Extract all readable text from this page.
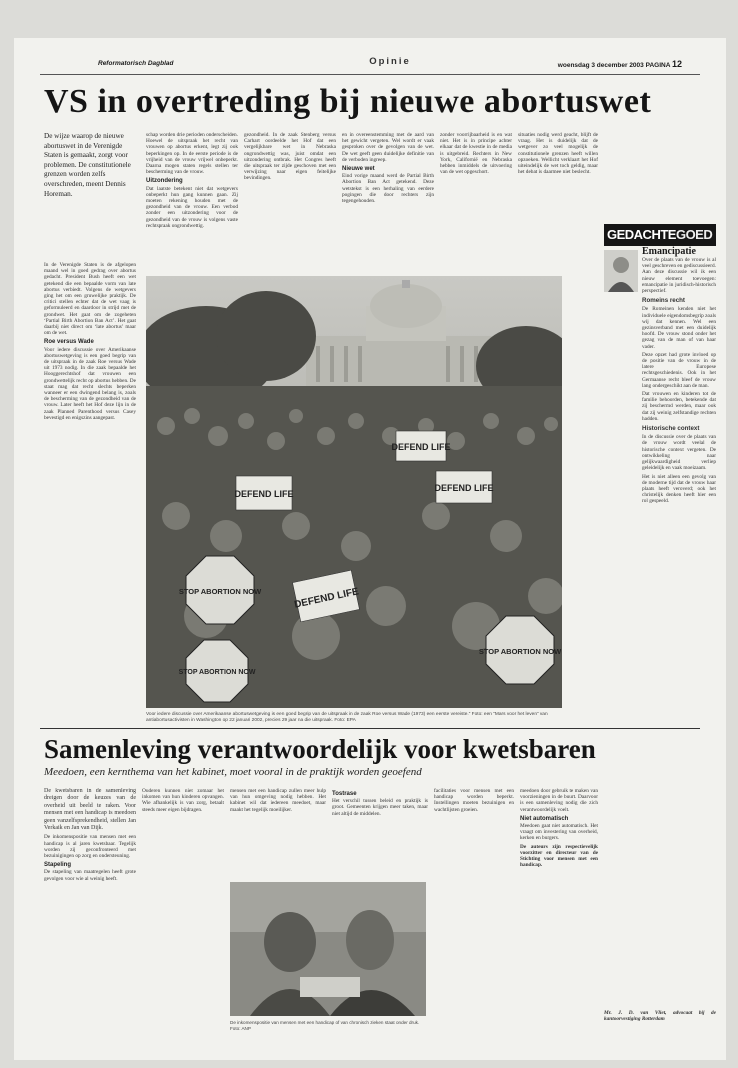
Reformatorisch Dagblad	Opinie	woensdag 3 december 2003 PAGINA 12
VS in overtreding bij nieuwe abortuswet
De wijze waarop de nieuwe abortuswet in de Verenigde Staten is gemaakt, zorgt voor problemen. De constitutionele grenzen worden zelfs overschreden, meent Dennis Horeman.

In de Verenigde Staten is de afgelopen maand wel in goed gedrag over abortus gedacht. President Bush heeft een wet getekend die een bepaalde vorm van late abortus verbiedt. Volgens de wetgevers ging het om een gruwelijke praktijk. De critici stellen echter dat de wet vaag is geformuleerd en daardoor in strijd met de grondwet. Het gaat om de zogeheten ‘Partial Birth Abortion Ban Act’. Het gaat daarbij niet direct om ‘late abortus’ maar om de wet.

Roe versus Wade

Voor iedere discussie over Amerikaanse abortuswetgeving is een goed begrip van de uitspraak in de zaak Roe versus Wade uit 1973 nodig. In die zaak bepaalde het Hooggerechtshof dat vrouwen een grondwettelijk recht op abortus hebben. De staat mag dat recht slechts beperken wanneer er een dwingend belang is, zoals de bescherming van de gezondheid van de vrouw. Later heeft het Hof deze lijn in de zaak Planned Parenthood versus Casey bevestigd en enigszins aangepast.

schap worden drie perioden onderscheiden. Hoewel de uitspraak het recht van vrouwen op abortus erkent, legt zij ook beperkingen op. In de eerste periode is de vrijheid van de vrouw vrijwel onbeperkt. Daarna mogen staten regels stellen ter bescherming van de vrouw.

Uitzondering

Dat laatste betekent niet dat wetgevers onbeperkt hun gang kunnen gaan. Zij moeten rekening houden met de gezondheid van de vrouw. Een verbod zonder een uitzondering voor de gezondheid van de vrouw is volgens vaste rechtspraak ongrondwettig.

gezondheid. In de zaak Stenberg versus Carhart oordeelde het Hof dat een vergelijkbare wet in Nebraska ongrondwettig was, juist omdat een uitzondering ontbrak. Het Congres heeft die uitspraak ter zijde geschoven met een verwijzing naar eigen feitelijke bevindingen.

en in overeenstemming met de aard van het gewicht vergeten. Wel wordt er vaak gesproken over de gevolgen van de wet. De wet geeft geen duidelijke definitie van de verboden ingreep.

Nieuwe wet

Eind vorige maand werd de Partial Birth Abortion Ban Act getekend. Deze wetstekst is een herhaling van eerdere pogingen die door rechters zijn tegengehouden.

zonder voorrijbaarheid is en wat niet. Het is in principe achter elkaar dat de kwestie in de media is uitgebreid. Rechters in New York, Californië en Nebraska hebben inmiddels de uitvoering van de wet opgeschort.

situaties nodig werd geacht, blijft de vraag. Het is duidelijk dat de wetgever zo veel mogelijk de constitutionele grenzen heeft willen opzoeken. Wellicht verklaart het Hof uiteindelijk de wet toch geldig, maar het debat is daarmee niet beslecht.

DEFEND LIFE
DEFEND LIFE
DEFEND LIFE
STOP ABORTION NOW
STOP ABORTION NOW
STOP ABORTION NOW
DEFEND LIFE
Voor iedere discussie over Amerikaanse abortuswetgeving is een goed begrip van de uitspraak in de zaak Roe versus Wade (1973) een eerste vereiste.” Foto: een “Mars voor het leven” van antiabortusactivisten in Washington op 22 januari 2002, precies 29 jaar na die uitspraak. Foto: EPA
GEDACHTEGOED
Emancipatie

Over de plaats van de vrouw is al veel geschreven en gediscussieerd. Aan deze discussie wil ik een nieuw element toevoegen: emancipatie in juridisch-historisch perspectief.

Romeins recht

De Romeinen kenden niet het individuele eigendomsbegrip zoals wij dat kennen. Wel een gezinsverband met een duidelijk hoofd. De vrouw stond onder het gezag van de man of van haar vader.

Deze opzet had grote invloed op de positie van de vrouw in de latere Europese rechtsgeschiedenis. Ook in het Germaanse recht bleef de vrouw lang ondergeschikt aan de man.

Dat vrouwen en kinderen tot de familie behoorden, betekende dat zij beschermd werden, maar ook dat zij weinig zelfstandige rechten hadden.

Historische context

In de discussie over de plaats van de vrouw wordt veelal de historische context vergeten. De ontwikkeling naar gelijkwaardigheid verliep geleidelijk en vaak moeizaam.

Het is niet alleen een gevolg van de moderne tijd dat de vrouw haar plaats heeft veroverd; ook het christelijk denken heeft hier een rol gespeeld.

Mr. J. D. van Vliet, advocaat bij de kantoorvestiging Rotterdam
Samenleving verantwoordelijk voor kwetsbaren
Meedoen, een kernthema van het kabinet, moet vooral in de praktijk worden geoefend

De kwetsbaren in de samenleving dreigen door de keuzes van de overheid uit beeld te raken. Voor mensen met een handicap is meedoen geen vanzelfsprekendheid, stellen Jan Verkaik en Jan van Dijk.

De inkomenspositie van mensen met een handicap is al jaren kwetsbaar. Tegelijk worden zij geconfronteerd met bezuinigingen op zorg en ondersteuning.

Stapeling

De stapeling van maatregelen heeft grote gevolgen voor wie al weinig heeft.

Ouderen kunnen niet zomaar het inkomen van hun kinderen opvangen. Wie afhankelijk is van zorg, betaalt steeds meer eigen bijdragen.

mensen met een handicap zullen meer hulp van hun omgeving nodig hebben. Het kabinet wil dat iedereen meedoet, maar maakt het tegelijk moeilijker.

Tostrase

Het verschil tussen beleid en praktijk is groot. Gemeenten krijgen meer taken, maar niet altijd de middelen.

facilitaties voor mensen met een handicap worden beperkt. Instellingen moeten bezuinigen en wachtlijsten groeien.

meedoen door gebruik te maken van voorzieningen in de buurt. Daarvoor is een samenleving nodig die zich verantwoordelijk voelt.

Niet automatisch

Meedoen gaat niet automatisch. Het vraagt om investering van overheid, kerken en burgers.

De auteurs zijn respectievelijk voorzitter en directeur van de Stichting voor mensen met een handicap.

De inkomenspositie van mensen met een handicap of van chronisch zieken staat onder druk. Foto: ANP
